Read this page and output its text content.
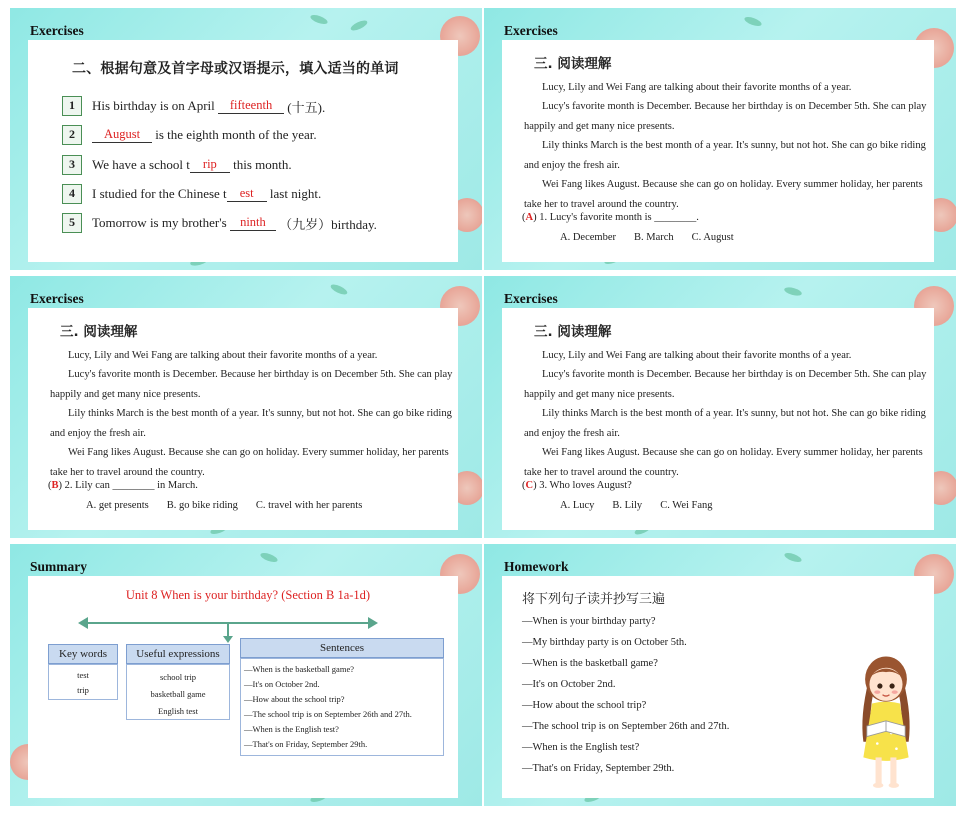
Exercises
二、根据句意及首字母或汉语提示，填入适当的单词
1	His birthday is on April fifteenth (十五).
2	August is the eighth month of the year.
3	We have a school t	rip	this month.
4	I studied for the Chinese t	est	last night.
5	Tomorrow is my brother's ninth （九岁）birthday.
Exercises
三. 阅读理解
Lucy, Lily and Wei Fang are talking about their favorite months of a year.
Lucy's favorite month is December. Because her birthday is on December 5th. She can play happily and get many nice presents.
Lily thinks March is the best month of a year. It's sunny, but not hot. She can go bike riding and enjoy the fresh air.
Wei Fang likes August. Because she can go on holiday. Every summer holiday, her parents take her to travel around the country.
(A) 1. Lucy's favorite month is ________.
A. December B. March C. August
Exercises
三. 阅读理解
Lucy, Lily and Wei Fang are talking about their favorite months of a year.
Lucy's favorite month is December. Because her birthday is on December 5th. She can play happily and get many nice presents.
Lily thinks March is the best month of a year. It's sunny, but not hot. She can go bike riding and enjoy the fresh air.
Wei Fang likes August. Because she can go on holiday. Every summer holiday, her parents take her to travel around the country.
(B) 2. Lily can ________ in March.
A. get presents B. go bike riding C. travel with her parents
Exercises
三. 阅读理解
Lucy, Lily and Wei Fang are talking about their favorite months of a year.
Lucy's favorite month is December. Because her birthday is on December 5th. She can play happily and get many nice presents.
Lily thinks March is the best month of a year. It's sunny, but not hot. She can go bike riding and enjoy the fresh air.
Wei Fang likes August. Because she can go on holiday. Every summer holiday, her parents take her to travel around the country.
(C) 3. Who loves August?
A. Lucy B. Lily C. Wei Fang
Summary
Unit 8 When is your birthday? (Section B 1a-1d)
Key words
test
trip
Useful expressions
school trip
basketball game
English test
Sentences
—When is the basketball game?
—It's on October 2nd.
—How about the school trip?
—The school trip is on September 26th and 27th.
—When is the English test?
—That's on Friday, September 29th.
Homework
将下列句子读并抄写三遍
—When is your birthday party?
—My birthday party is on October 5th.
—When is the basketball game?
—It's on October 2nd.
—How about the school trip?
—The school trip is on September 26th and 27th.
—When is the English test?
—That's on Friday, September 29th.
